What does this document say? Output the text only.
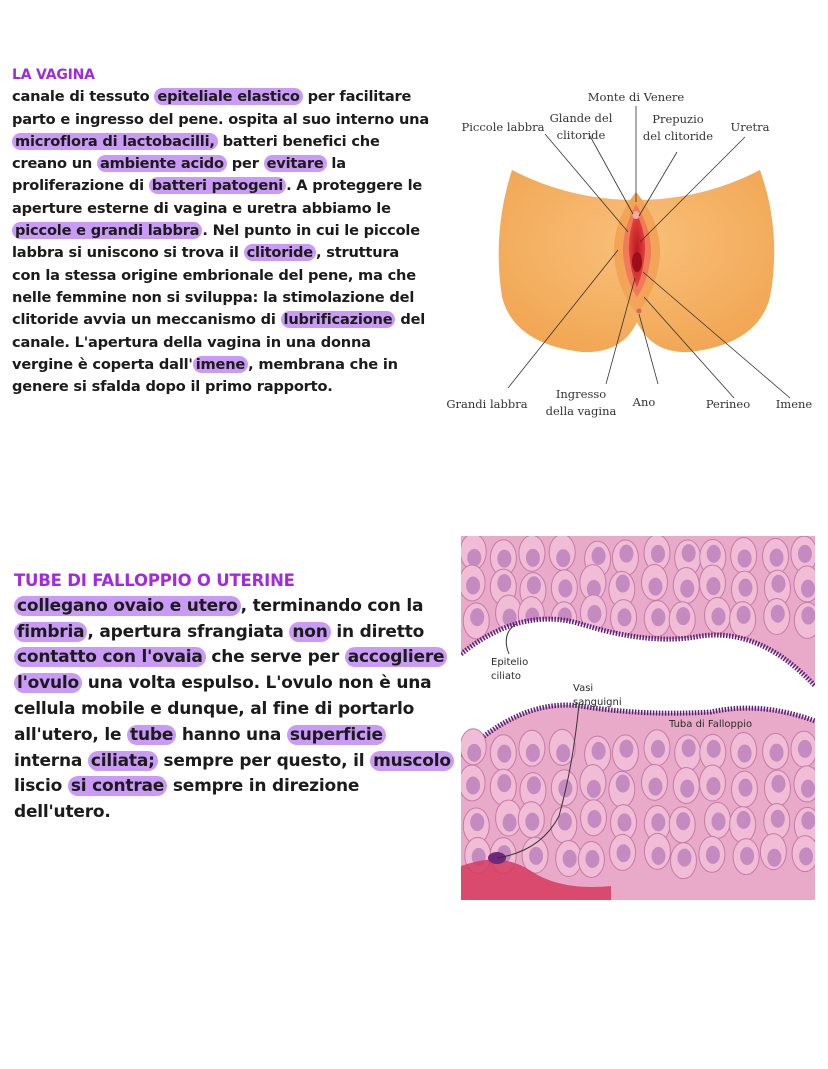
LA VAGINA
canale di tessuto epiteliale elastico per facilitare parto e ingresso del pene. ospita al suo interno una microflora di lactobacilli, batteri benefici che creano un ambiente acido per evitare la proliferazione di batteri patogeni . A proteggere le aperture esterne di vagina e uretra abbiamo le piccole e grandi labbra . Nel punto in cui le piccole labbra si uniscono si trova il clitoride , struttura con la stessa origine embrionale del pene, ma che nelle femmine non si sviluppa: la stimolazione del clitoride avvia un meccanismo di lubrificazione del canale. L'apertura della vagina in una donna vergine è coperta dall' imene , membrana che in genere si sfalda dopo il primo rapporto.
Monte di Venere
Glande del
clitoride
Prepuzio
del clitoride
Piccole labbra	Uretra
Grandi labbra
Ingresso
della vagina
Ano	Perineo Imene
TUBE DI FALLOPPIO O UTERINE
collegano ovaio e utero , terminando con la fimbria , apertura sfrangiata non in diretto contatto con l'ovaia che serve per accogliere l'ovulo una volta espulso. L'ovulo non è una cellula mobile e dunque, al fine di portarlo all'utero, le tube hanno una superficie interna ciliata; sempre per questo, il muscolo liscio si contrae sempre in direzione dell'utero.
Epitelio
ciliato
Vasi
sanguigni
Tuba di Falloppio
